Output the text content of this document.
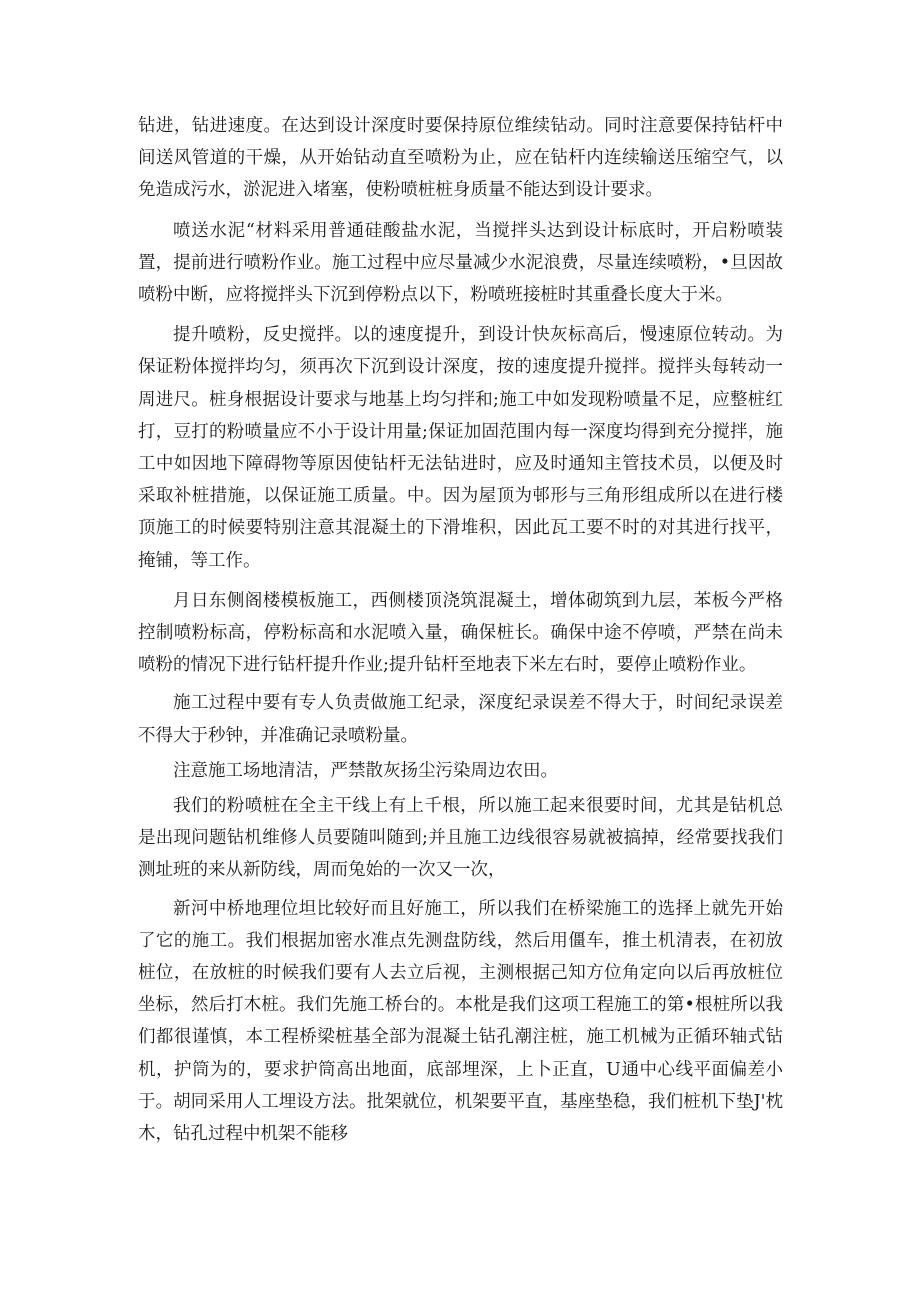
钻进，钻进速度。在达到设计深度时要保持原位维续钻动。同时注意要保持钻杆中间送风管道的干燥，从开始钻动直至喷粉为止，应在钻杆内连续输送压缩空气，以免造成污水，淤泥进入堵塞，使粉喷桩桩身质量不能达到设计要求。

喷送水泥“材料采用普通硅酸盐水泥，当搅拌头达到设计标底时，开启粉喷装置，提前进行喷粉作业。施工过程中应尽量减少水泥浪费，尽量连续喷粉，•旦因故喷粉中断，应将搅拌头下沉到停粉点以下，粉喷班接桩时其重叠长度大于米。

提升喷粉，反史搅拌。以的速度提升，到设计快灰标高后，慢速原位转动。为保证粉体搅拌均匀，须再次下沉到设计深度，按的速度提升搅拌。搅拌头每转动一周进尺。桩身根据设计要求与地基上均匀拌和;施工中如发现粉喷量不足，应整桩红打，豆打的粉喷量应不小于设计用量;保证加固范围内每一深度均得到充分搅拌，施工中如因地下障碍物等原因使钻杆无法钻进时，应及时通知主管技术员，以便及时采取补桩措施，以保证施工质量。中。因为屋顶为邨形与三角形组成所以在进行楼顶施工的时候要特别注意其混凝土的下滑堆积，因此瓦工要不时的对其进行找平，掩铺，等工作。

月日东侧阁楼模板施工，西侧楼顶浇筑混凝土，增体砌筑到九层，苯板今严格控制喷粉标高，停粉标高和水泥喷入量，确保桩长。确保中途不停喷，严禁在尚未喷粉的情况下进行钻杆提升作业;提升钻杆至地表下米左右时，要停止喷粉作业。

施工过程中要有专人负责做施工纪录，深度纪录误差不得大于，时间纪录误差不得大于秒钟，并准确记录喷粉量。

注意施工场地清洁，严禁散灰扬尘污染周边农田。

我们的粉喷桩在全主干线上有上千根，所以施工起来很要时间，尤其是钻机总是出现问题钻机维修人员要随叫随到;并且施工边线很容易就被搞掉，经常要找我们测址班的来从新防线，周而兔始的一次又一次，

新河中桥地理位坦比较好而且好施工，所以我们在桥梁施工的选择上就先开始了它的施工。我们根据加密水准点先测盘防线，然后用僵车，推土机清表，在初放桩位，在放桩的时候我们要有人去立后视，主测根据己知方位角定向以后再放桩位坐标，然后打木桩。我们先施工桥台的。本枇是我们这项工程施工的第•根桩所以我们都很谨慎，本工程桥梁桩基全部为混凝土钻孔潮注桩，施工机械为正循环轴式钻机，护筒为的，要求护筒高出地面，底部埋深，上卜正直，U通中心线平面偏差小于。胡同采用人工埋设方法。批架就位，机架要平直，基座垫稳，我们桩机下垫J'枕木，钻孔过程中机架不能移
